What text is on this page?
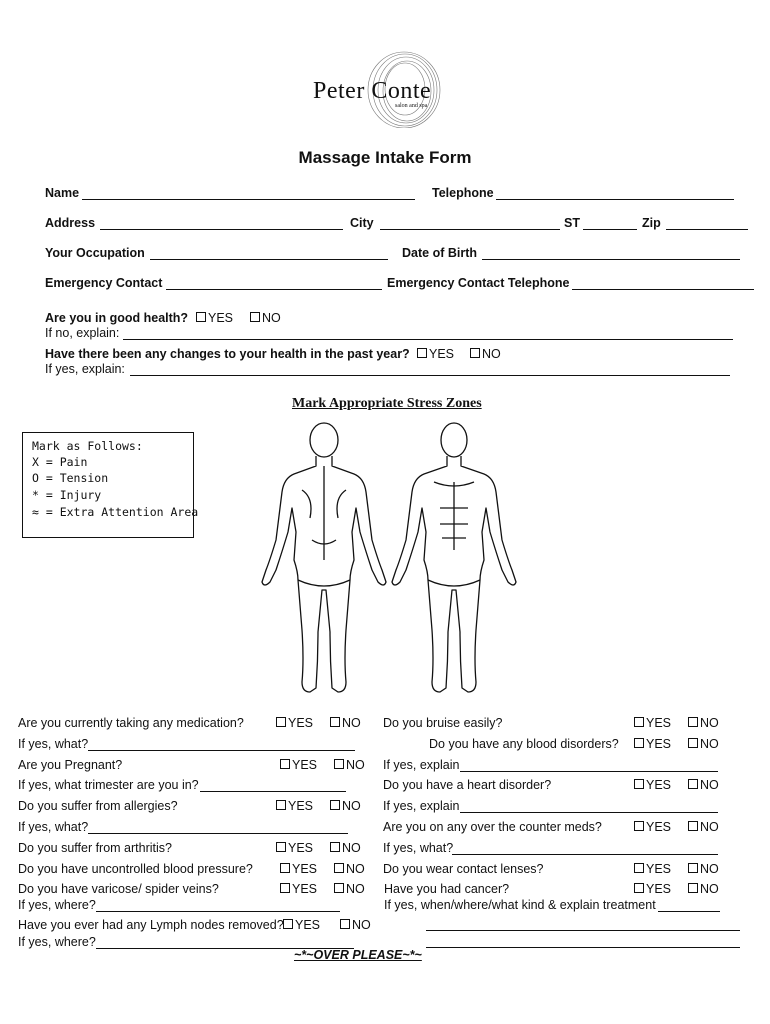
Peter Conte
salon and spa
Massage Intake Form
Name	Telephone
Address	City	ST	Zip
Your Occupation	Date of Birth
Emergency Contact	Emergency Contact Telephone
Are you in good health?	YES	NO
If no, explain:
Have there been any changes to your health in the past year?	YES	NO
If yes, explain:
Mark Appropriate Stress Zones
Mark as Follows:
X = Pain
O = Tension
* = Injury
≈ = Extra Attention Area
~*~OVER PLEASE~*~
Are you currently taking any medication?	YES	NO
If yes, what?
Are you Pregnant?	YES	NO
If yes, what trimester are you in?
Do you suffer from allergies?	YES	NO
If yes, what?
Do you suffer from arthritis?	YES	NO
Do you have uncontrolled blood pressure?	YES	NO
Do you have varicose/ spider veins?	YES	NO
If yes, where?
Have you ever had any Lymph nodes removed? YES	NO
If yes, where?
Do you bruise easily?	YES	NO
Do you have any blood disorders?	YES	NO
If yes, explain
Do you have a heart disorder?	YES	NO
If yes, explain
Are you on any over the counter meds?	YES	NO
If yes, what?
Do you wear contact lenses?	YES	NO
Have you had cancer?	YES	NO
If yes, when/where/what kind & explain treatment
